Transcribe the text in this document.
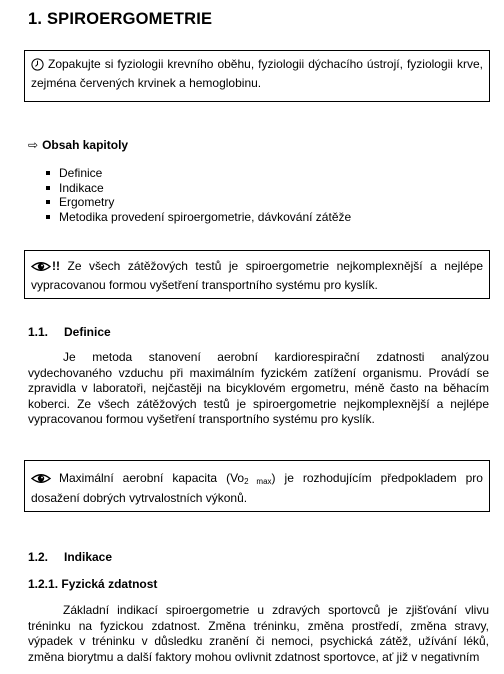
1. SPIROERGOMETRIE
Zopakujte si fyziologii krevního oběhu, fyziologii dýchacího ústrojí, fyziologii krve, zejména červených krvinek a hemoglobinu.
⇨ Obsah kapitoly
Definice
Indikace
Ergometry
Metodika provedení spiroergometrie, dávkování zátěže
!! Ze všech zátěžových testů je spiroergometrie nejkomplexnější a nejlépe vypracovanou formou vyšetření transportního systému pro kyslík.
1.1. Definice
Je metoda stanovení aerobní kardiorespirační zdatnosti analýzou vydechovaného vzduchu při maximálním fyzickém zatížení organismu. Provádí se zpravidla v laboratoři, nejčastěji na bicyklovém ergometru, méně často na běhacím koberci. Ze všech zátěžových testů je spiroergometrie nejkomplexnější a nejlépe vypracovanou formou vyšetření transportního systému pro kyslík.
Maximální aerobní kapacita $(Vo_{2 max})$ je rozhodujícím předpokladem pro dosažení dobrých vytrvalostních výkonů.
1.2. Indikace
1.2.1. Fyzická zdatnost
Základní indikací spiroergometrie u zdravých sportovců je zjišťování vlivu tréninku na fyzickou zdatnost. Změna tréninku, změna prostředí, změna stravy, výpadek v tréninku v důsledku zranění či nemoci, psychická zátěž, užívání léků, změna biorytmu a další faktory mohou ovlivnit zdatnost sportovce, ať již v negativním
